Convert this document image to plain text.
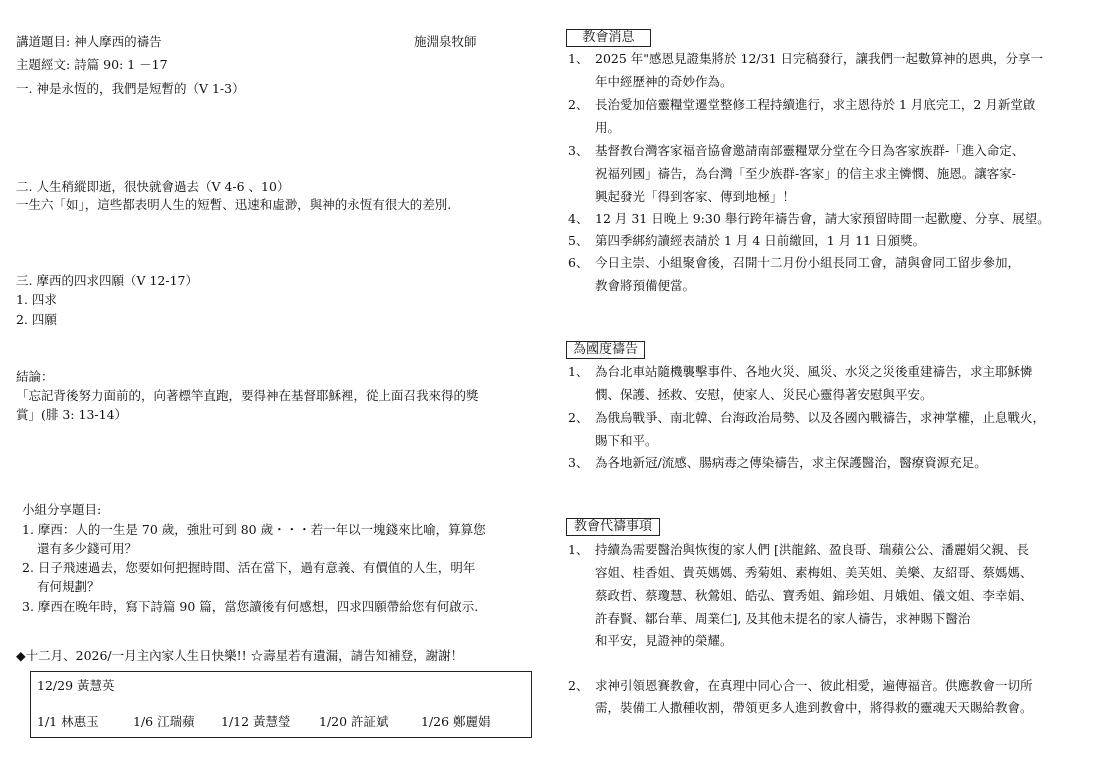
講道題目: 神人摩西的禱告	施淵泉牧師
主題經文: 詩篇 90: 1 －17
一. 神是永恆的，我們是短暫的（V 1-3）
二. 人生稍縱即逝，很快就會過去（V 4-6 、10）
一生六「如」，這些都表明人生的短暫、迅速和虛渺，與神的永恆有很大的差別.
三. 摩西的四求四願（V 12-17）
1. 四求
2. 四願
結論：
「忘記背後努力面前的，向著標竿直跑，要得神在基督耶穌裡，從上面召我來得的獎
賞」(腓 3: 13-14）
小組分享題目:
1. 摩西：人的一生是 70 歲，強壯可到 80 歲・・・若一年以一塊錢來比喻，算算您
還有多少錢可用？
2. 日子飛速過去，您要如何把握時間、活在當下，過有意義、有價值的人生，明年
有何規劃？
3. 摩西在晚年時，寫下詩篇 90 篇，當您讀後有何感想，四求四願帶給您有何啟示.
◆十二月、2026/一月主內家人生日快樂!! ☆壽星若有遺漏，請告知補登，謝謝！
12/29 黃慧英
1/1 林惠玉	1/6 江瑞蘋 1/12 黃慧瑩 1/20 許証斌	1/26 鄭麗娟
教會消息
1、 2025 年"感恩見證集將於 12/31 日完稿發行，讓我們一起數算神的恩典，分享一
年中經歷神的奇妙作為。
2、 長治愛加倍靈糧堂遷堂整修工程持續進行，求主恩待於 1 月底完工，2 月新堂啟
用。
3、 基督教台灣客家福音協會邀請南部靈糧眾分堂在今日為客家族群-「進入命定、
祝福列國」禱告，為台灣「至少族群-客家」的信主求主憐憫、施恩。讓客家-
興起發光「得到客家、傳到地極」！
4、 12 月 31 日晚上 9:30 舉行跨年禱告會，請大家預留時間一起歡慶、分享、展望。
5、 第四季綁約讀經表請於 1 月 4 日前繳回，1 月 11 日頒獎。
6、 今日主崇、小組聚會後，召開十二月份小組長同工會，請與會同工留步參加，
教會將預備便當。
為國度禱告
1、 為台北車站隨機襲擊事件、各地火災、風災、水災之災後重建禱告，求主耶穌憐
憫、保護、拯救、安慰，使家人、災民心靈得著安慰與平安。
2、 為俄烏戰爭、南北韓、台海政治局勢、以及各國內戰禱告，求神掌權，止息戰火，
賜下和平。
3、 為各地新冠/流感、腸病毒之傳染禱告，求主保護醫治，醫療資源充足。
教會代禱事項
1、 持續為需要醫治與恢復的家人們 [洪龍銘、盈良哥、瑞蘋公公、潘麗娟父親、長
容姐、桂香姐、貴英媽媽、秀菊姐、素梅姐、美芙姐、美樂、友紹哥、蔡媽媽、
蔡政哲、蔡瓊慧、秋鶯姐、皓弘、寶秀姐、錦珍姐、月娥姐、儀文姐、李幸娟、
許春賢、鄒台華、周業仁], 及其他未提名的家人禱告，求神賜下醫治
和平安，見證神的榮耀。
2、 求神引領恩賽教會，在真理中同心合一、彼此相愛，遍傳福音。供應教會一切所
需，裝備工人撒種收割，帶領更多人進到教會中，將得救的靈魂天天賜給教會。
